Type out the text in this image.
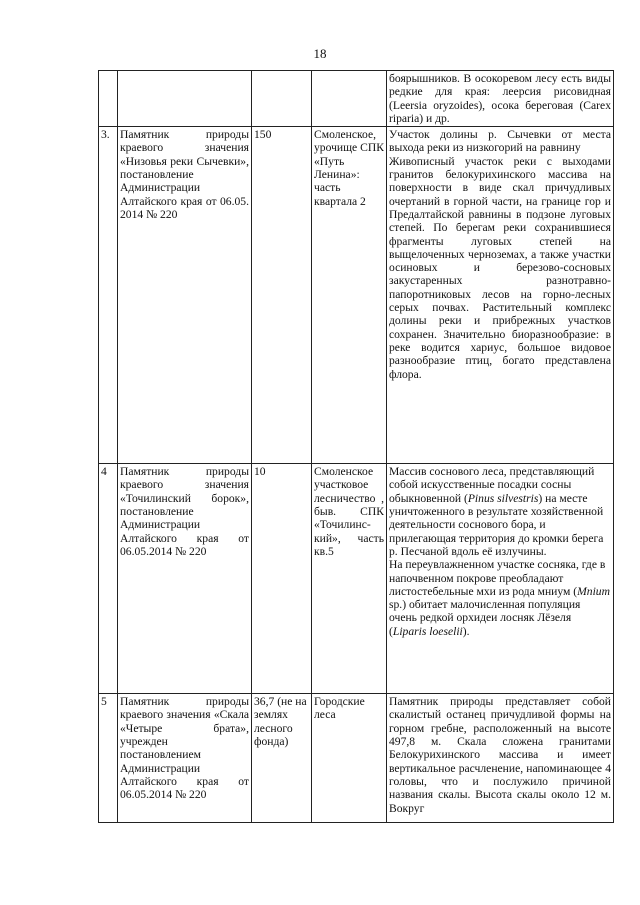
18

				боярышников. В осокоревом лесу есть виды редкие для края: леерсия рисовидная (Leersia oryzoides), осока береговая (Carex riparia) и др.

3.	Памятник природы краевого значения «Низовья реки Сычевки», постановление Администрации Алтайского края от 06.05. 2014 № 220	150	Смоленское, урочище СПК «Путь Ленина»: часть квартала 2	Участок долины р. Сычевки от места выхода реки из низкогорий на равнину

Живописный участок реки с выходами гранитов белокурихинского массива на поверхности в виде скал причудливых очертаний в горной части, на границе гор и Предалтайской равнины в подзоне луговых степей. По берегам реки сохранившиеся фрагменты луговых степей на выщелоченных черноземах, а также участки осиновых и березово-сосновых закустаренных разнотравно-папоротниковых лесов на горно-лесных серых почвах. Растительный комплекс долины реки и прибрежных участков сохранен. Значительно биоразнообразие: в реке водится хариус, большое видовое разнообразие птиц, богато представлена флора.

4	Памятник природы краевого значения «Точилинский борок», постановление Администрации Алтайского края от 06.05.2014 № 220	10	Смоленское участковое лесничество , быв. СПК «Точилинс-кий», часть кв.5	Массив соснового леса, представляющий собой искусственные посадки сосны обыкновенной (Pinus silvestris) на месте уничтоженного в результате хозяйственной деятельности соснового бора, и прилегающая территория до кромки берега р. Песчаной вдоль её излучины.

На переувлажненном участке сосняка, где в напочвенном покрове преобладают листостебельные мхи из рода мниум (Mnium sp.) обитает малочисленная популяция очень редкой орхидеи лосняк Лёзеля (Liparis loeselii).

5	Памятник природы краевого значения «Скала «Четыре брата», учрежден постановлением Администрации Алтайского края от 06.05.2014 № 220	36,7 (не на землях лесного фонда)	Городские леса	Памятник природы представляет собой скалистый останец причудливой формы на горном гребне, расположенный на высоте 497,8 м. Скала сложена гранитами Белокурихинского массива и имеет вертикальное расчленение, напоминающее 4 головы, что и послужило причиной названия скалы. Высота скалы около 12 м. Вокруг
